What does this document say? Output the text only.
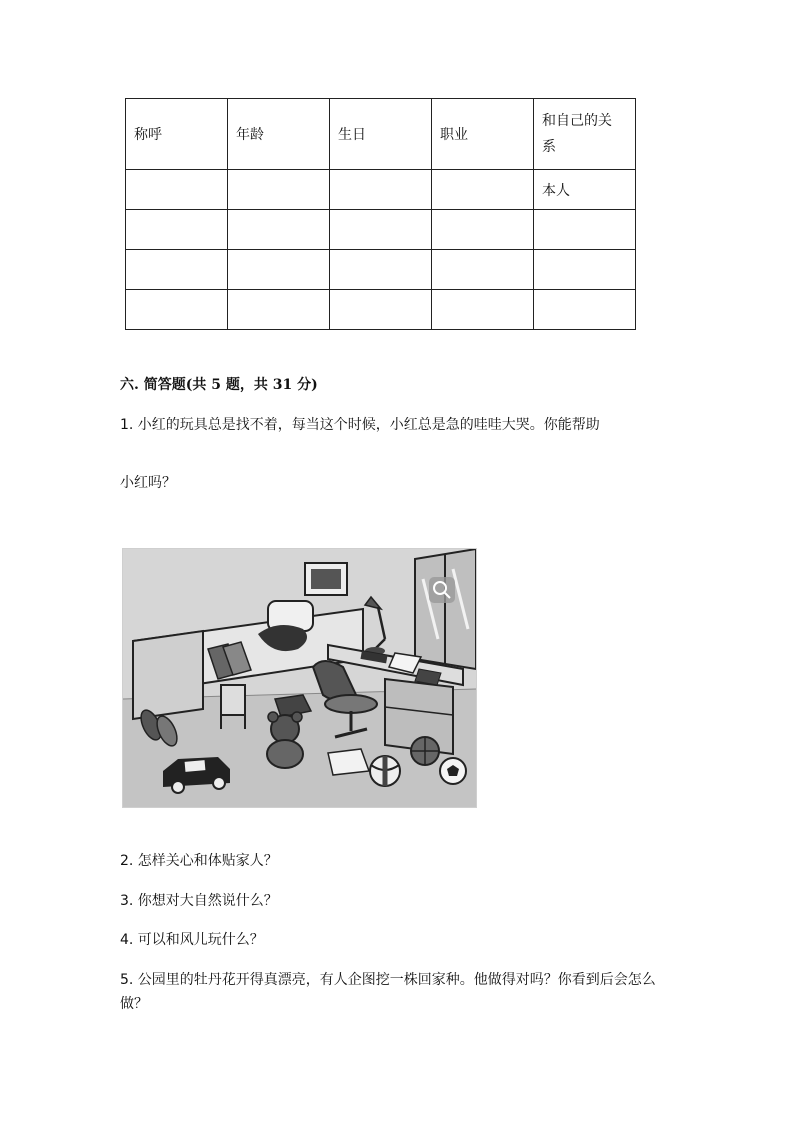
称呼	年龄	生日	职业	和自己的关系
				本人

六. 简答题(共 5 题，共 31 分)
1. 小红的玩具总是找不着，每当这个时候，小红总是急的哇哇大哭。你能帮助
小红吗？
2. 怎样关心和体贴家人？
3. 你想对大自然说什么？
4. 可以和风儿玩什么？
5. 公园里的牡丹花开得真漂亮，有人企图挖一株回家种。他做得对吗？你看到后会怎么做？
